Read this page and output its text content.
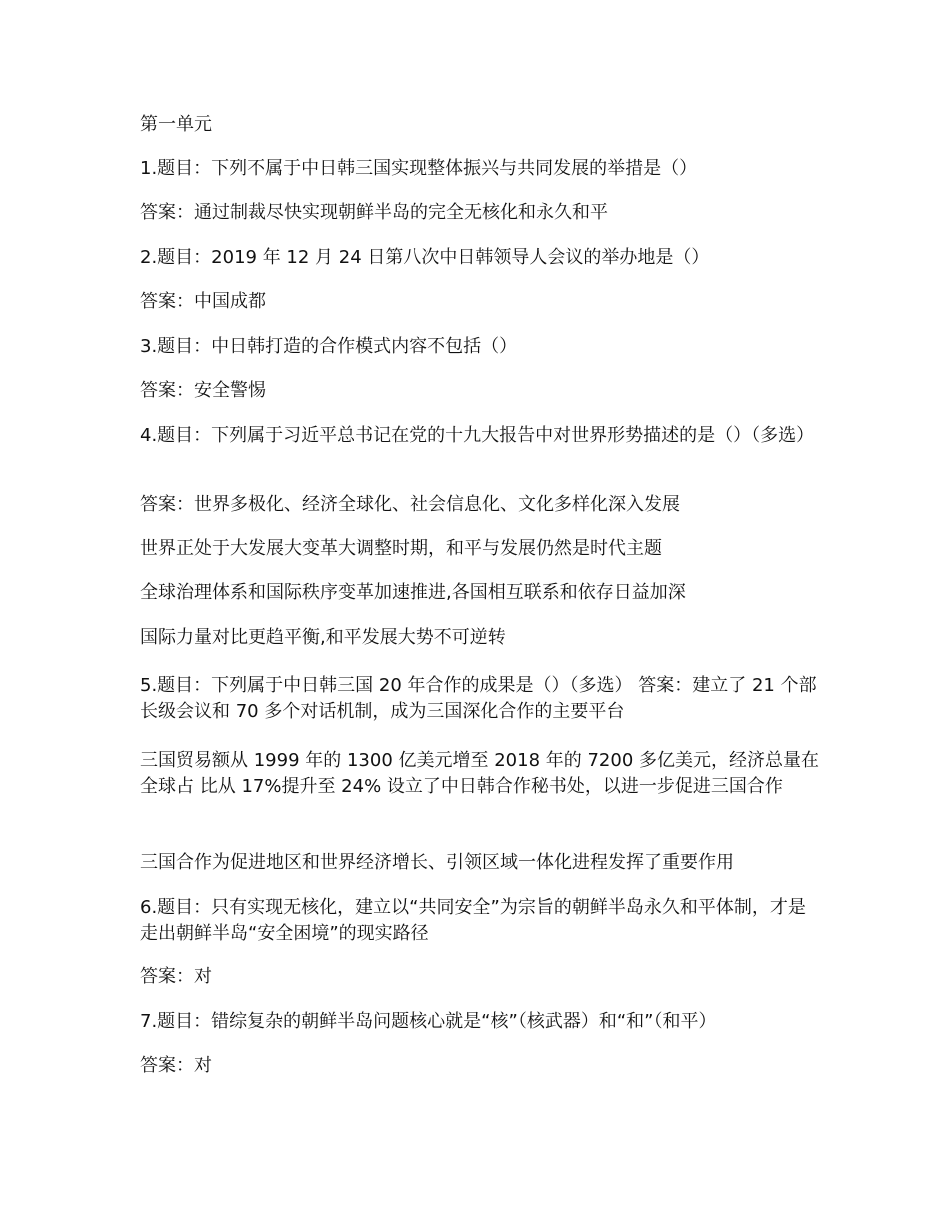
第一单元
1.题目：下列不属于中日韩三国实现整体振兴与共同发展的举措是（）
答案：通过制裁尽快实现朝鲜半岛的完全无核化和永久和平
2.题目：2019 年 12 月 24 日第八次中日韩领导人会议的举办地是（）
答案：中国成都
3.题目：中日韩打造的合作模式内容不包括（）
答案：安全警惕
4.题目：下列属于习近平总书记在党的十九大报告中对世界形势描述的是（）（多选）
答案：世界多极化、经济全球化、社会信息化、文化多样化深入发展
世界正处于大发展大变革大调整时期，和平与发展仍然是时代主题
全球治理体系和国际秩序变革加速推进,各国相互联系和依存日益加深
国际力量对比更趋平衡,和平发展大势不可逆转
5.题目：下列属于中日韩三国 20 年合作的成果是（）（多选） 答案：建立了 21 个部长级会议和 70 多个对话机制，成为三国深化合作的主要平台
三国贸易额从 1999 年的 1300 亿美元增至 2018 年的 7200 多亿美元，经济总量在全球占 比从 17%提升至 24% 设立了中日韩合作秘书处，以进一步促进三国合作
三国合作为促进地区和世界经济增长、引领区域一体化进程发挥了重要作用
6.题目：只有实现无核化，建立以“共同安全”为宗旨的朝鲜半岛永久和平体制，才是走出朝鲜半岛“安全困境”的现实路径
答案：对
7.题目：错综复杂的朝鲜半岛问题核心就是“核”（核武器）和“和”（和平）
答案：对
